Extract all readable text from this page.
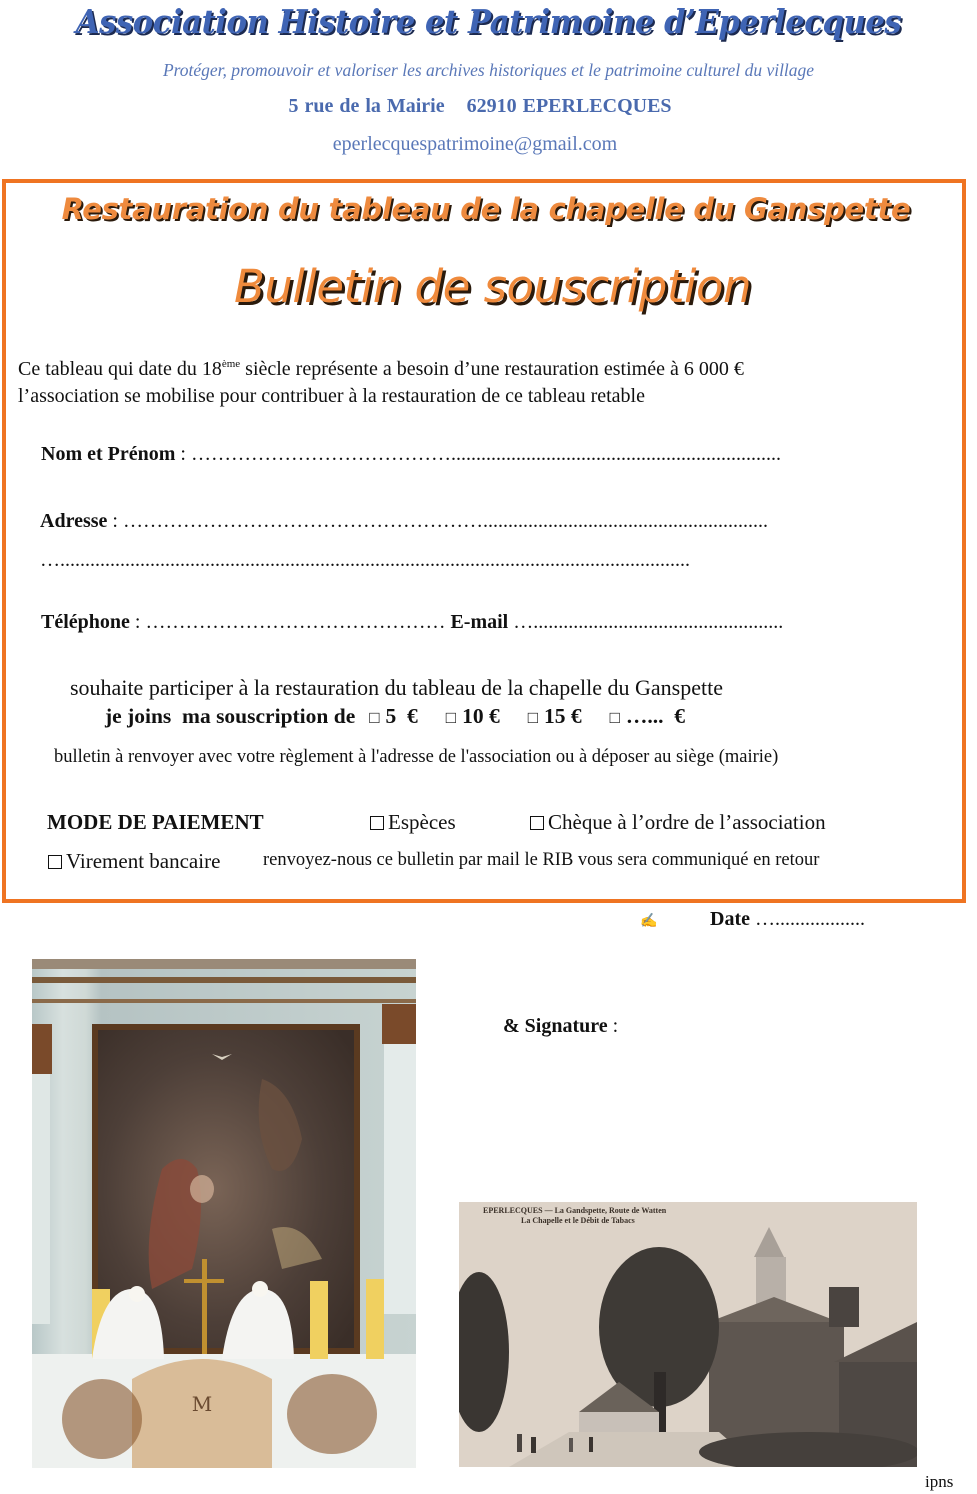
Association Histoire et Patrimoine d’Eperlecques
Protéger, promouvoir et valoriser les archives historiques et le patrimoine culturel du village
5 rue de la Mairie 62910 EPERLECQUES
eperlecquespatrimoine@gmail.com
Restauration du tableau de la chapelle du Ganspette
Bulletin de souscription
Ce tableau qui date du 18ème siècle représente a besoin d’une restauration estimée à 6 000 €
l’association se mobilise pour contribuer à la restauration de ce tableau retable
Nom et Prénom : …………………………………..................................................................
Adresse : ……………………………………………….........................................................
…..............................................................................................................................
Téléphone : ……………………………………… E-mail …..................................................
souhaite participer à la restauration du tableau de la chapelle du Ganspette
je joins  ma souscription de □ 5  € □ 10 € □ 15 € □ …...  €
bulletin à renvoyer avec votre règlement à l'adresse de l'association ou à déposer au siège (mairie)
MODE DE PAIEMENT	Espèces	Chèque à l’ordre de l’association
Virement bancaire renvoyez-nous ce bulletin par mail le RIB vous sera communiqué en retour
✍	Date …..................
& Signature :
M
EPERLECQUES — La Gandspette, Route de Watten
La Chapelle et le Débit de Tabacs
ipns
